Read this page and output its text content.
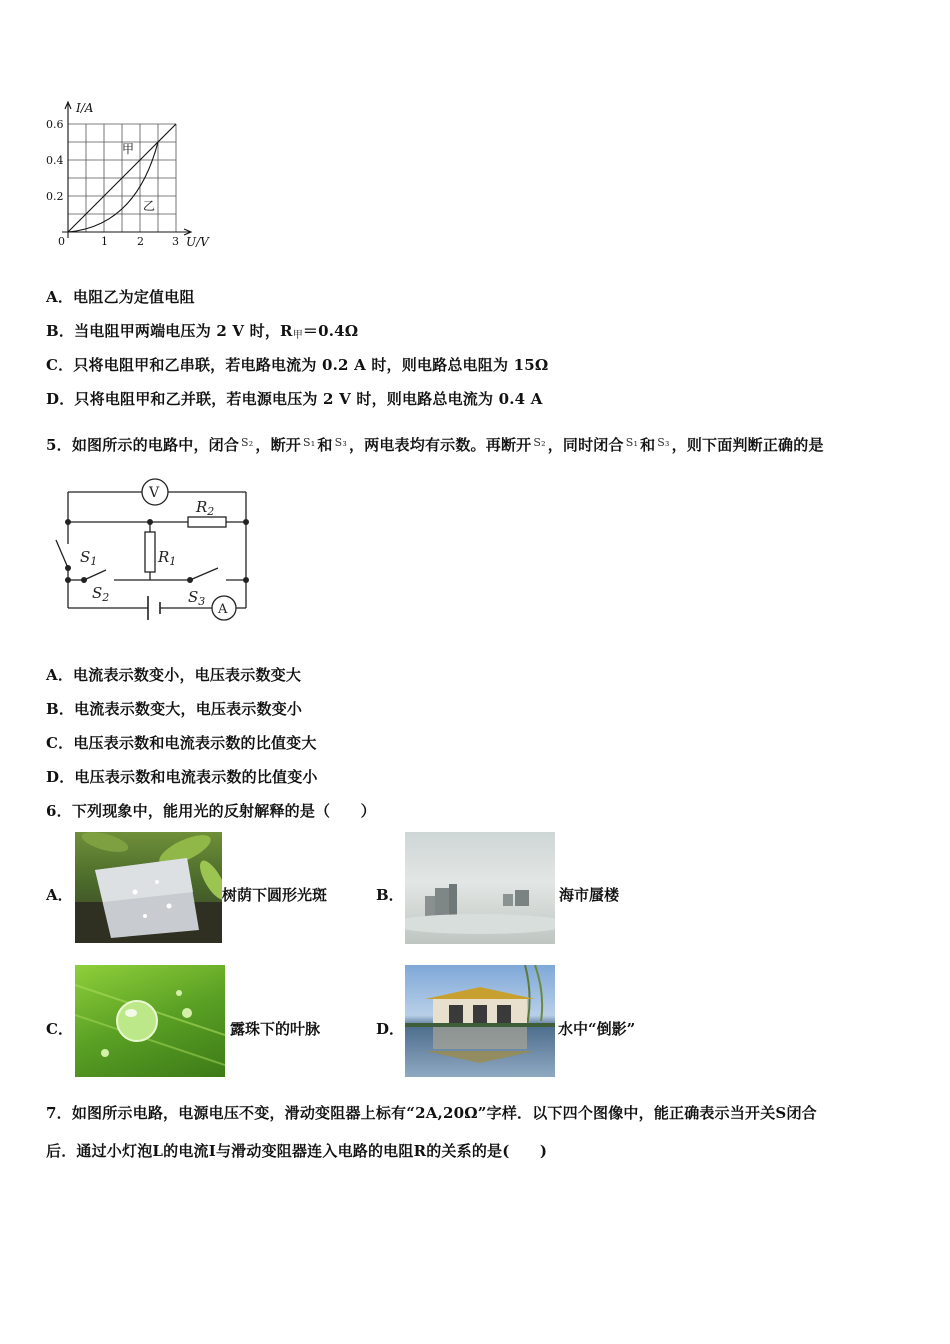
I/A
U/V
0.6
0.4
0.2
0	1	2	3
甲
乙
A．电阻乙为定值电阻
B．当电阻甲两端电压为 2 V 时，$R_甲=0.4\Omega$
C．只将电阻甲和乙串联，若电路电流为 0.2 A 时，则电路总电阻为 15Ω
D．只将电阻甲和乙并联，若电源电压为 2 V 时，则电路总电流为 0.4 A
5．如图所示的电路中，闭合 $^{S_2}$ ，断开 $^{S_1}$ 和 $^{S_3}$ ，两电表均有示数。再断开 $^{S_2}$ ，同时闭合 $^{S_1}$ 和 $^{S_3}$ ，则下面判断正确的是
V
A
$R_2$
$R_1$
$S_1$
$S_2$	$S_3$
A．电流表示数变小，电压表示数变大
B．电流表示数变大，电压表示数变小
C．电压表示数和电流表示数的比值变大
D．电压表示数和电流表示数的比值变小
6．下列现象中，能用光的反射解释的是（　　）
A．	树荫下圆形光斑	B．	海市蜃楼
C．	露珠下的叶脉	D．	水中“倒影”
7．如图所示电路，电源电压不变，滑动变阻器上标有“2A,20Ω”字样．以下四个图像中，能正确表示当开关S闭合
后．通过小灯泡L的电流I与滑动变阻器连入电路的电阻R的关系的是(　　)
